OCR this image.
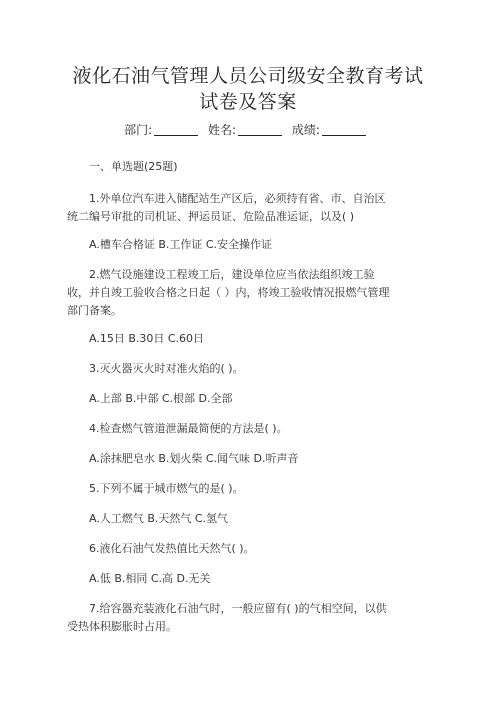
液化石油气管理人员公司级安全教育考试
试卷及答案
部门:	姓名:	成绩:
一、单选题(25题)
1.外单位汽车进入储配站生产区后，必须持有省、市、自治区
统二编号审批的司机证、押运员证、危险品准运证，以及( )
A.槽车合格证 B.工作证 C.安全操作证
2.燃气设施建设工程竣工后，建设单位应当依法组织竣工验
收，并自竣工验收合格之日起（ ）内，将竣工验收情况报燃气管理
部门备案。
A.15日 B.30日 C.60日
3.灭火器灭火时对准火焰的( )。
A.上部 B.中部 C.根部 D.全部
4.检查燃气管道泄漏最简便的方法是( )。
A.涂抹肥皂水 B.划火柴 C.闻气味 D.听声音
5.下列不属于城市燃气的是( )。
A.人工燃气 B.天然气 C.氢气
6.液化石油气发热值比天然气( )。
A.低 B.相同 C.高 D.无关
7.给容器充装液化石油气时，一般应留有( )的气相空间，以供
受热体积膨胀时占用。
